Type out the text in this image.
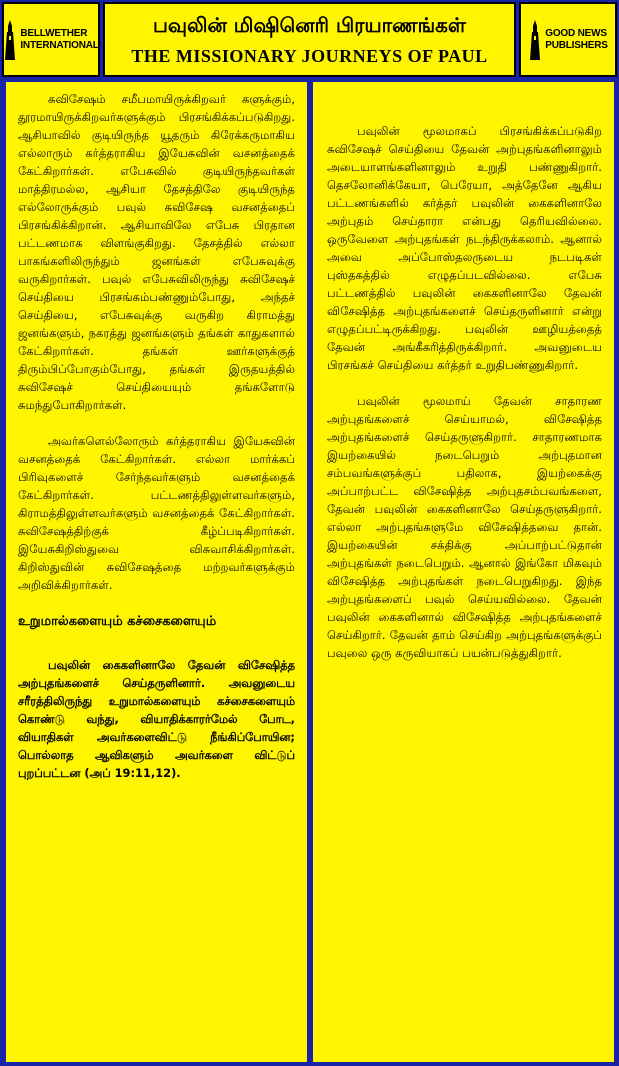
BELLWETHER
INTERNATIONAL
பவுலின் மிஷினெரி பிரயாணங்கள்
THE MISSIONARY JOURNEYS OF PAUL
GOOD NEWS
PUBLISHERS

சுவிசேஷம் சமீபமாயிருக்கிறவர் களுக்கும், தூரமாயிருக்கிறவர்களுக்கும் பிரசங்கிக்கப்படுகிறது. ஆசியாவில் குடியிருந்த யூதரும் கிரேக்கருமாகிய எல்லாரும் கர்த்தராகிய இயேசுவின் வசனத்தைக் கேட்கிறார்கள். எபேசுவில் குடியிருந்தவர்கள் மாத்திரமல்ல, ஆசியா தேசத்திலே குடியிருந்த எல்லோருக்கும் பவுல் சுவிசேஷ வசனத்தைப் பிரசங்கிக்கிறான். ஆசியாவிலே எபேசு பிரதான பட்டணமாக விளங்குகிறது. தேசத்தில் எல்லா பாகங்களிலிருந்தும் ஜனங்கள் எபேசுவுக்கு வருகிறார்கள். பவுல் எபேசுவிலிருந்து சுவிசேஷச் செய்தியை பிரசங்கம்பண்ணும்போது, அந்தச் செய்தியை, எபேசுவுக்கு வருகிற கிராமத்து ஜனங்களும், நகரத்து ஜனங்களும் தங்கள் காதுகளால் கேட்கிறார்கள். தங்கள் ஊர்களுக்குத் திரும்பிப்போகும்போது, தங்கள் இருதயத்தில் சுவிசேஷச் செய்தியையும் தங்களோடு சுமந்துபோகிறார்கள்.

அவர்களெல்லோரும் கர்த்தராகிய இயேசுவின் வசனத்தைக் கேட்கிறார்கள். எல்லா மார்க்கப் பிரிவுகளைச் சேர்ந்தவர்களும் வசனத்தைக் கேட்கிறார்கள். பட்டணத்திலுள்ளவர்களும், கிராமத்திலுள்ளவர்களும் வசனத்தைக் கேட்கிறார்கள். சுவிசேஷத்திற்குக் கீழ்ப்படிகிறார்கள். இயேசுகிறிஸ்துவை விசுவாசிக்கிறார்கள். கிறிஸ்துவின் சுவிசேஷத்தை மற்றவர்களுக்கும் அறிவிக்கிறார்கள்.

உறுமால்களையும் கச்சைகளையும்

பவுலின் கைகளினாலே தேவன் விசேஷித்த அற்புதங்களைச் செய்தருளினார். அவனுடைய சரீரத்திலிருந்து உறுமால்களையும் கச்சைகளையும் கொண்டு வந்து, வியாதிக்காரர்மேல் போட, வியாதிகள் அவர்களைவிட்டு நீங்கிப்போயின; பொல்லாத ஆவிகளும் அவர்களை விட்டுப் புறப்பட்டன (அப் 19:11,12).

பவுலின் மூலமாகப் பிரசங்கிக்கப்படுகிற சுவிசேஷச் செய்தியை தேவன் அற்புதங்களினாலும் அடையாளங்களினாலும் உறுதி பண்ணுகிறார். தெசலோனிக்கேயா, பெரேயா, அத்தேனே ஆகிய பட்டணங்களில் கர்த்தர் பவுலின் கைகளினாலே அற்புதம் செய்தாரா என்பது தெரியவில்லை. ஒருவேளை அற்புதங்கள் நடந்திருக்கலாம். ஆனால் அவை அப்போஸ்தலருடைய நடபடிகள் புஸ்தகத்தில் எழுதப்படவில்லை. எபேசு பட்டணத்தில் பவுலின் கைகளினாலே தேவன் விசேஷித்த அற்புதங்களைச் செய்தருளினார் என்று எழுதப்பட்டிருக்கிறது. பவுலின் ஊழியத்தைத் தேவன் அங்கீகரித்திருக்கிறார். அவனுடைய பிரசங்கச் செய்தியை கர்த்தர் உறுதிபண்ணுகிறார்.

பவுலின் மூலமாய் தேவன் சாதாரண அற்புதங்களைச் செய்யாமல், விசேஷித்த அற்புதங்களைச் செய்தருளுகிறார். சாதாரணமாக இயற்கையில் நடைபெறும் அற்புதமான சம்பவங்களுக்குப் பதிலாக, இயற்கைக்கு அப்பாற்பட்ட விசேஷித்த அற்புதசம்பவங்களை, தேவன் பவுலின் கைகளினாலே செய்தருளுகிறார். எல்லா அற்புதங்களுமே விசேஷித்தவை தான். இயற்கையின் சக்திக்கு அப்பாற்பட்டுதான் அற்புதங்கள் நடைபெறும். ஆனால் இங்கோ மிகவும் விசேஷித்த அற்புதங்கள் நடைபெறுகிறது. இந்த அற்புதங்களைப் பவுல் செய்யவில்லை. தேவன் பவுலின் கைகளினால் விசேஷித்த அற்புதங்களைச் செய்கிறார். தேவன் தாம் செய்கிற அற்புதங்களுக்குப் பவுலை ஒரு கருவியாகப் பயன்படுத்துகிறார்.
